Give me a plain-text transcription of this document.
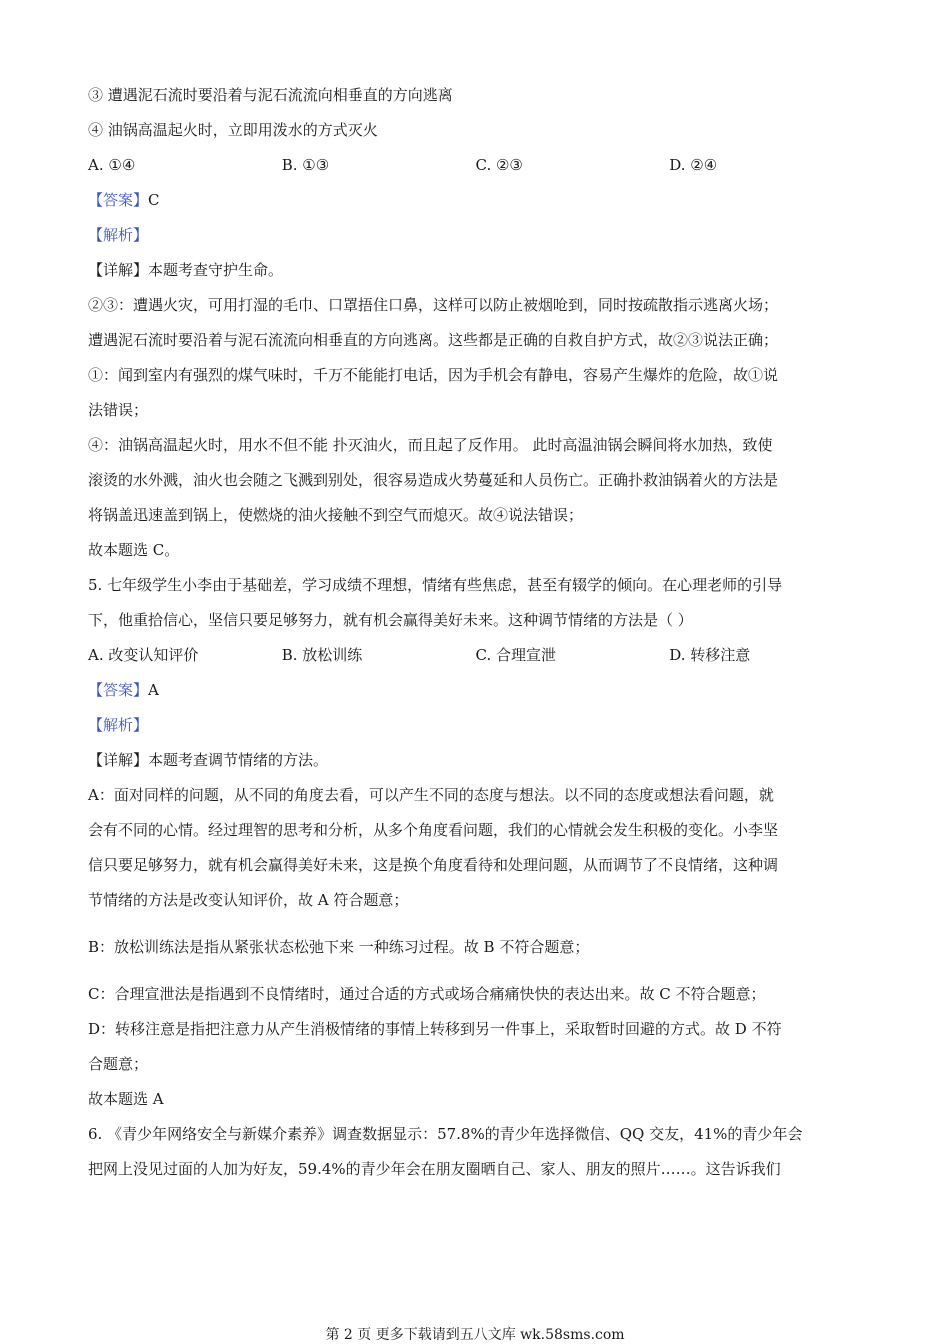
③ 遭遇泥石流时要沿着与泥石流流向相垂直的方向逃离
④ 油锅高温起火时，立即用泼水的方式灭火
A. ①④	B. ①③	C. ②③	D. ②④
【答案】C
【解析】
【详解】本题考查守护生命。
②③：遭遇火灾，可用打湿的毛巾、口罩捂住口鼻，这样可以防止被烟呛到，同时按疏散指示逃离火场；
遭遇泥石流时要沿着与泥石流流向相垂直的方向逃离。这些都是正确的自救自护方式，故②③说法正确；
①：闻到室内有强烈的煤气味时，千万不能能打电话，因为手机会有静电，容易产生爆炸的危险，故①说
法错误；
④：油锅高温起火时，用水不但不能 扑灭油火，而且起了反作用。 此时高温油锅会瞬间将水加热，致使
滚烫的水外溅，油火也会随之飞溅到别处，很容易造成火势蔓延和人员伤亡。正确扑救油锅着火的方法是
将锅盖迅速盖到锅上，使燃烧的油火接触不到空气而熄灭。故④说法错误；
故本题选 C。
5. 七年级学生小李由于基础差，学习成绩不理想，情绪有些焦虑，甚至有辍学的倾向。在心理老师的引导
下，他重拾信心，坚信只要足够努力，就有机会赢得美好未来。这种调节情绪的方法是（ ）
A. 改变认知评价	B. 放松训练	C. 合理宣泄	D. 转移注意
【答案】A
【解析】
【详解】本题考查调节情绪的方法。
A：面对同样的问题，从不同的角度去看，可以产生不同的态度与想法。以不同的态度或想法看问题，就
会有不同的心情。经过理智的思考和分析，从多个角度看问题，我们的心情就会发生积极的变化。小李坚
信只要足够努力，就有机会赢得美好未来，这是换个角度看待和处理问题，从而调节了不良情绪，这种调
节情绪的方法是改变认知评价，故 A 符合题意；
B：放松训练法是指从紧张状态松弛下来 一种练习过程。故 B 不符合题意；
C：合理宣泄法是指遇到不良情绪时，通过合适的方式或场合痛痛快快的表达出来。故 C 不符合题意；
D：转移注意是指把注意力从产生消极情绪的事情上转移到另一件事上，采取暂时回避的方式。故 D 不符
合题意；
故本题选 A
6. 《青少年网络安全与新媒介素养》调查数据显示：57.8%的青少年选择微信、QQ 交友，41%的青少年会
把网上没见过面的人加为好友，59.4%的青少年会在朋友圈晒自己、家人、朋友的照片……。这告诉我们
第 2 页 更多下载请到五八文库 wk.58sms.com
